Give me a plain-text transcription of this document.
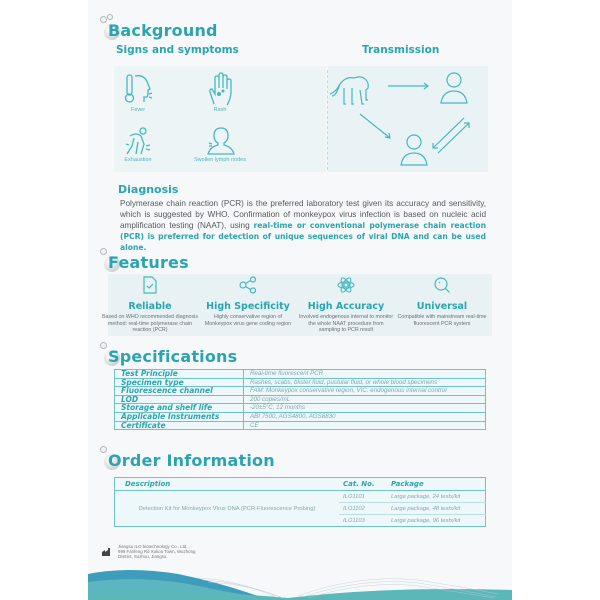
Background
Signs and symptoms	Transmission
Fever	Rash
Exhaustion	Swollen lymph nodes
Diagnosis
Polymerase chain reaction (PCR) is the preferred laboratory test given its accuracy and sensitivity, which is suggested by WHO. Confirmation of monkeypox virus infection is based on nucleic acid amplification testing (NAAT), using real-time or conventional polymerase chain reaction (PCR) is preferred for detection of unique sequences of viral DNA and can be used alone.
Features
Reliable
Based on WHO recommended diagnosis method: real-time polymerase chain reaction (PCR)
High Specificity
Highly conservative region of Monkeypox virus gene coding region
High Accuracy
Involved endogenous internal to monitor the whole NAAT procedure from sampling to PCR result
Universal
Compatible with mainstream real-time fluorescent PCR system
Specifications
Test Principle	Real-time fluorescent PCR
Specimen type	Rashes, scabs, blister fluid, pustular fluid, or whole blood specimens
Fluorescence channel	FAM: Monkeypox conservative region, VIC: endogenous internal control
LOD	200 copies/mL
Storage and shelf life	-20±5°C, 12 months
Applicable Instruments	ABI 7500, AGS4800, AGS8830
Certificate	CE
Order Information
Description	Cat. No.	Package
Detection Kit for Monkeypox Virus DNA (PCR-Fluorescence Probing)	ILO1101	Large package, 24 tests/kit
	ILO1102	Large package, 48 tests/kit
	ILO1103	Large package, 96 tests/kit
Jiangsu ILO biotechnology Co., Ltd.
999 Fanfeng Rd Xukou Town, Wuzhong
District, Suzhou, Jiangsu.
